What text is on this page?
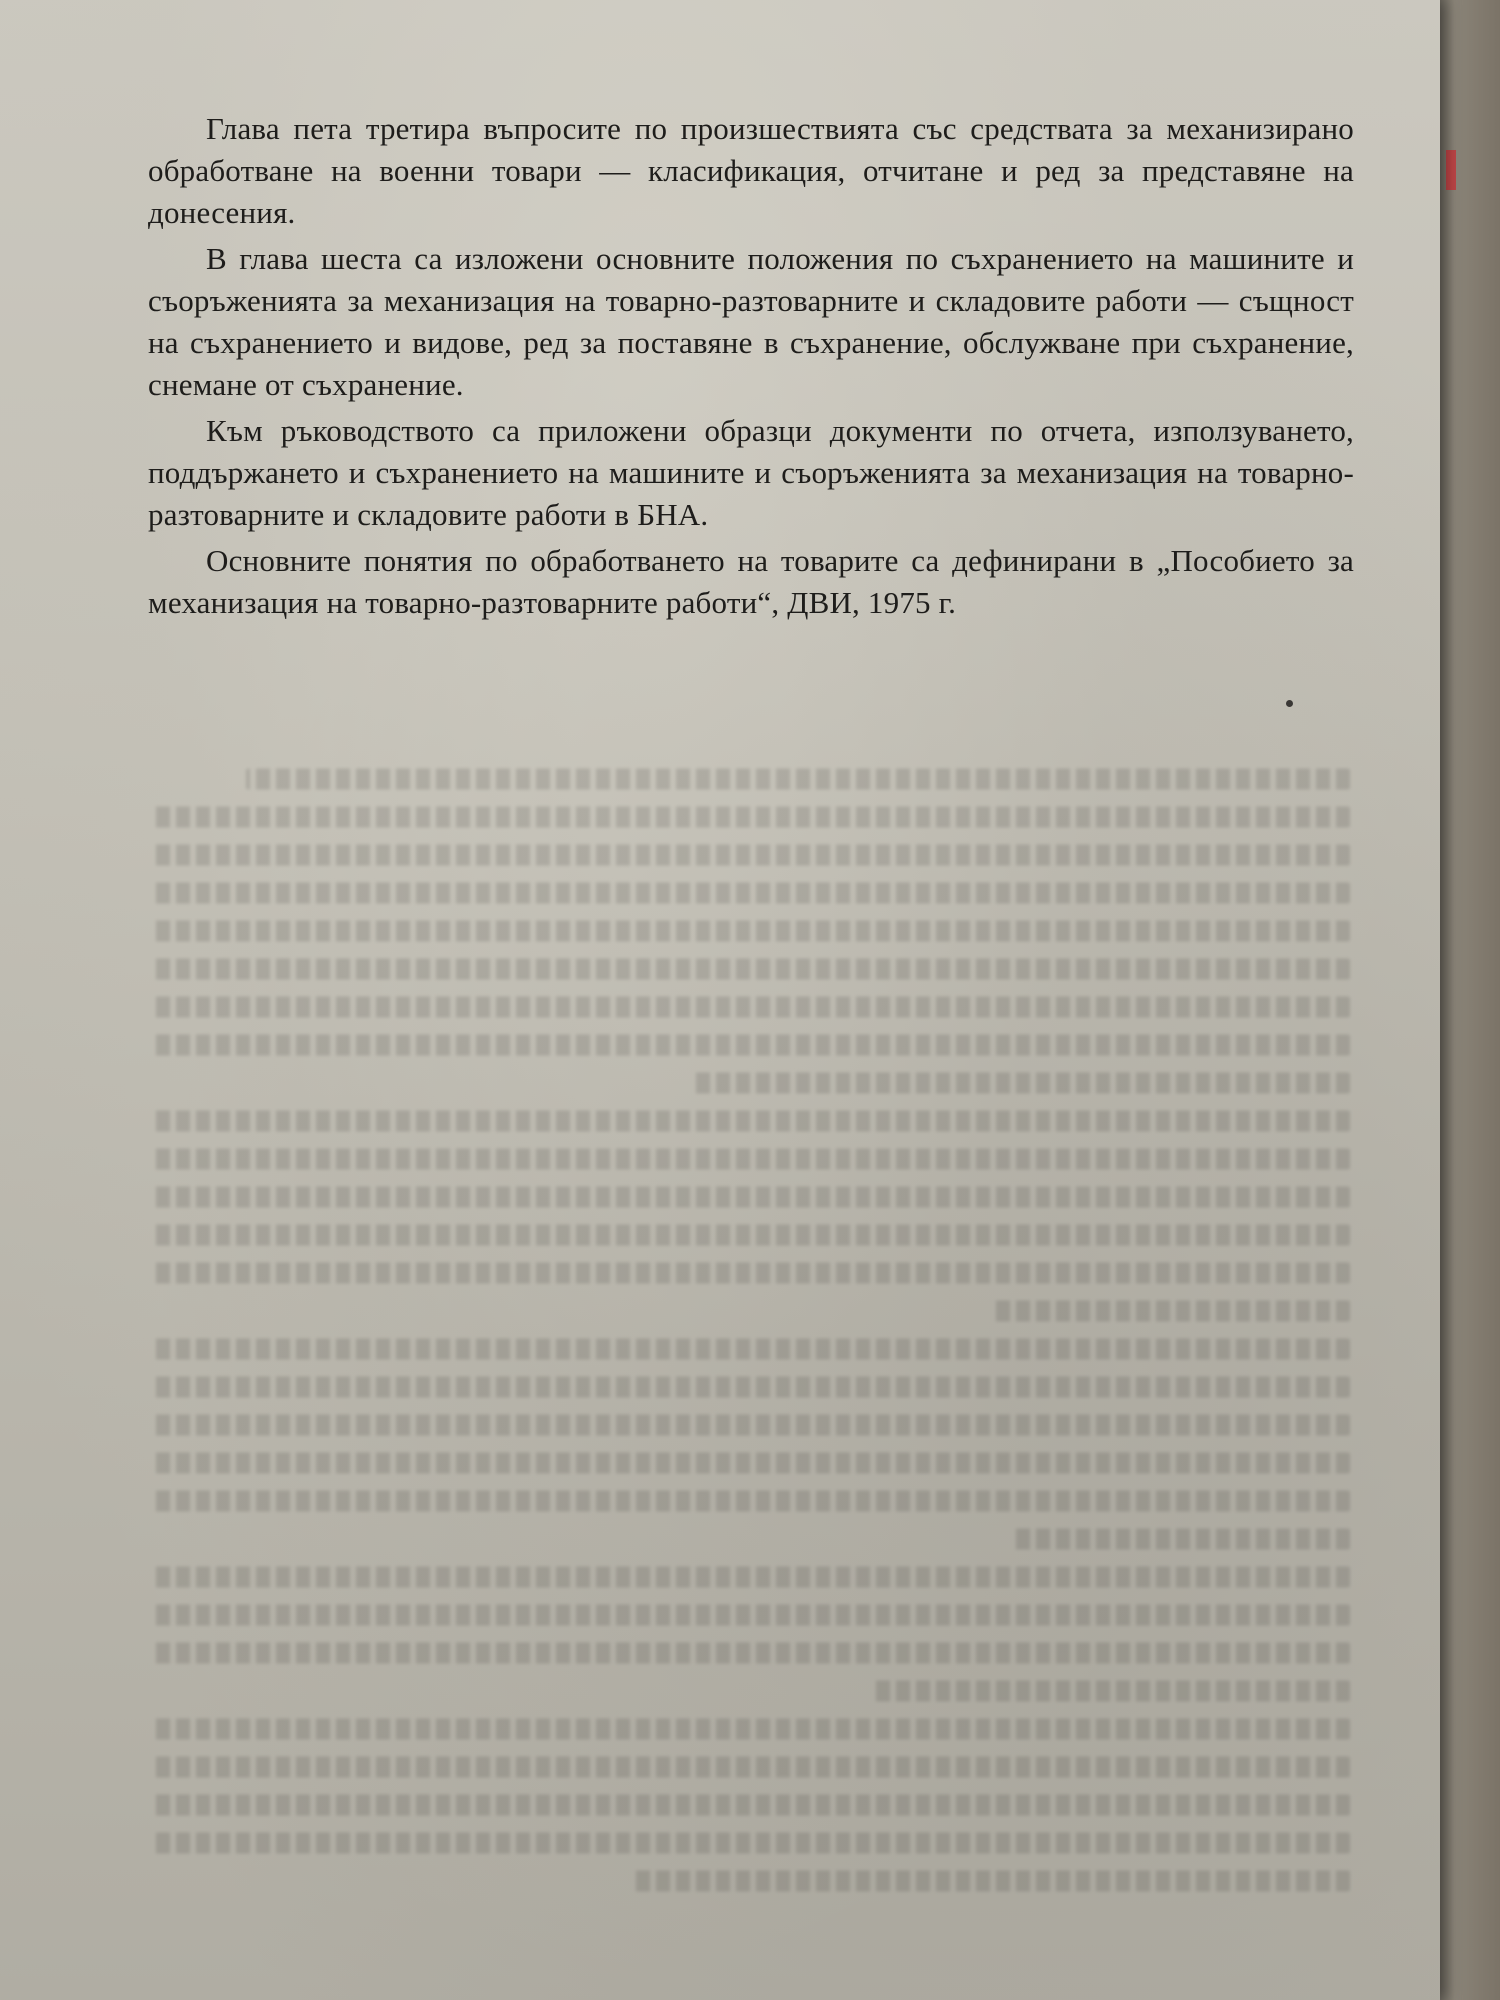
Глава пета третира въпросите по произшествията със средствата за механизирано обработване на военни товари — класификация, отчитане и ред за представяне на донесения.

В глава шеста са изложени основните положения по съхранението на машините и съоръженията за механизация на товарно-разтоварните и складовите работи — същност на съхранението и видове, ред за поставяне в съхранение, обслужване при съхранение, снемане от съхранение.

Към ръководството са приложени образци документи по отчета, използуването, поддържането и съхранението на машините и съоръженията за механизация на товарно-разтоварните и складовите работи в БНА.

Основните понятия по обработването на товарите са дефинирани в „Пособието за механизация на товарно-разтоварните работи“, ДВИ, 1975 г.
